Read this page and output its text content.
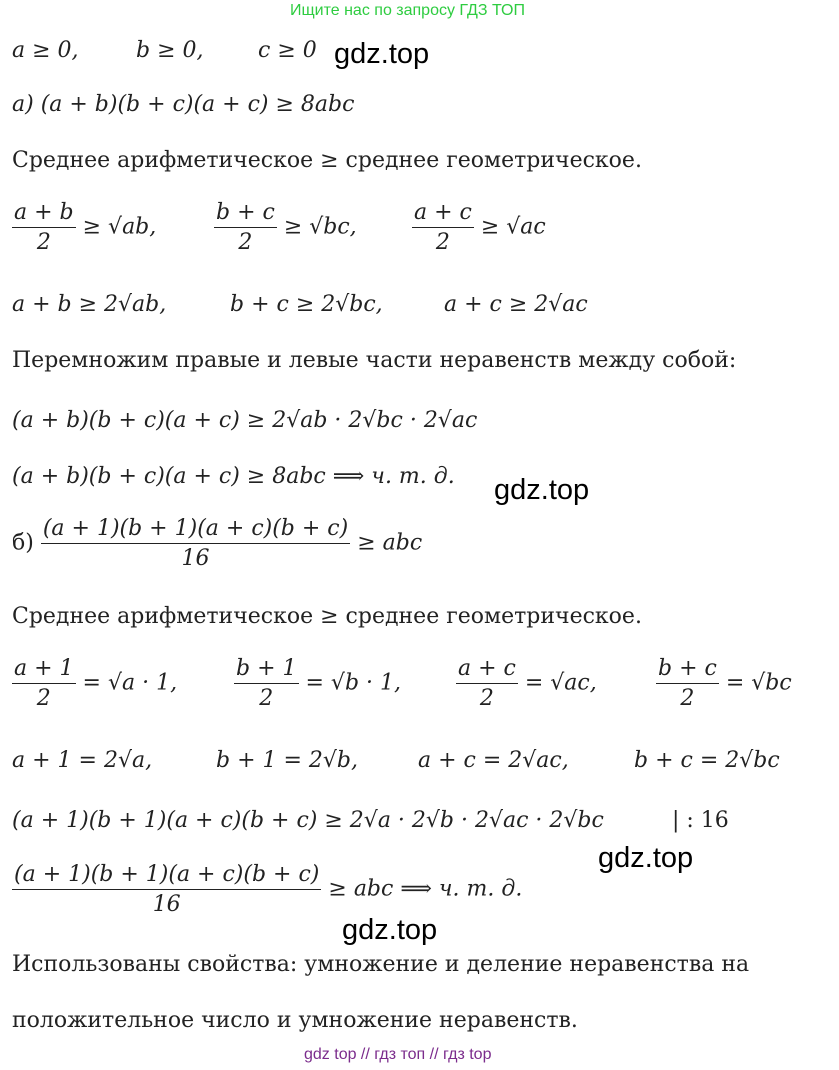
Ищите нас по запросу ГДЗ ТОП
a ≥ 0,	b ≥ 0, c ≥ 0 gdz.top
а) (a + b)(b + c)(a + c) ≥ 8abc
Среднее арифметическое ≥ среднее геометрическое.
$\frac{a + b}{2} \ge √ab$,	$\frac{b + c}{2} \ge √bc$,	$\frac{a + c}{2} \ge √ac$
a + b ≥ 2√ab,	b + c ≥ 2√bc,	a + c ≥ 2√ac
Перемножим правые и левые части неравенств между собой:
(a + b)(b + c)(a + c) ≥ 2√ab · 2√bc · 2√ac
(a + b)(b + c)(a + c) ≥ 8abc ⟹ ч. т. д. gdz.top
$б) \frac{(a + 1)(b + 1)(a + c)(b + c)}{16}$ ≥ abc
Среднее арифметическое ≥ среднее геометрическое.
$\frac{a + 1}{2} = √a \cdot 1$,	$\frac{b + 1}{2} = √b \cdot 1$,	$\frac{a + c}{2} = √ac$,	$\frac{b + c}{2} = √bc$
a + 1 = 2√a,	b + 1 = 2√b,	a + c = 2√ac,	b + c = 2√bc
(a + 1)(b + 1)(a + c)(b + c) ≥ 2√a · 2√b · 2√ac · 2√bc	| : 16
gdz.top
$\frac{(a + 1)(b + 1)(a + c)(b + c)}{16}$ ≥ abc ⟹ ч. т. д.
gdz.top
Использованы свойства: умножение и деление неравенства на
положительное число и умножение неравенств.
gdz top // гдз топ // гдз top
